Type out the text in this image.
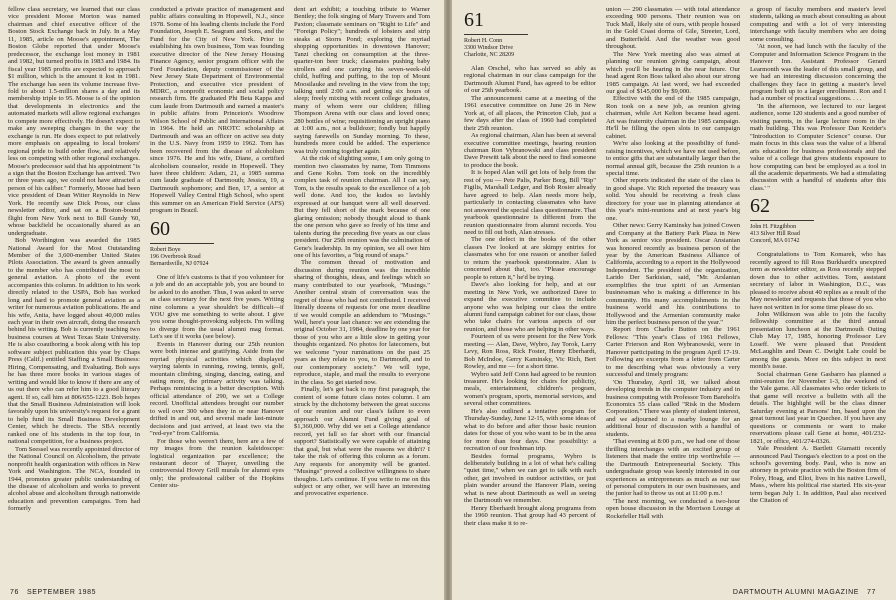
fellow class secretary, we learned that our class vice president Moose Morton was named chairman and chief executive officer of the Boston Stock Exchange back in July. In a May 11, 1985, article on Moose's appointment, The Boston Globe reported that under Moose's predecessor, the exchange lost money in 1981 and 1982, but turned profits in 1983 and 1984. Its fiscal year 1985 profits are expected to approach $1 million, which is the amount it lost in 1981. The exchange has seen its volume increase five-fold to about 1.5-million shares a day and its membership triple to 95. Moose is of the opinion that developments in electronics and the automated markets will allow regional exchanges to compete more effectively. He doesn't expect to make any sweeping changes in the way the exchange is run. He does expect to put relatively more emphasis on appealing to local brokers' regional pride to build order flow, and relatively less on competing with other regional exchanges. Moose's predecessor said that his appointment "is a sign that the Boston Exchange has arrived. Two or three years ago, we could not have attracted a person of his caliber." Formerly, Moose had been vice president of Dean Witter Reynolds in New York. He recently saw Dick Pross, our class newsletter editor, and sat on a Boston-bound flight from New York next to Bill Gundy '60, whose backfield he occasionally shared as an undergraduate.

Bob Worthington was awarded the 1985 National Award for the Most Outstanding Member of the 3,600-member United States Pilots Association. The award is given annually to the member who has contributed the most to general aviation. A photo of the event accompanies this column. In addition to his work directly related to the USPA, Bob has worked long and hard to promote general aviation as a writer for numerous aviation publications. He and his wife, Anita, have logged about 40,000 miles each year in their own aircraft, doing the research behind his writing. Bob is currently teaching two business courses at West Texas State University. He is also coauthoring a book along with his top software subject publication this year by Chaps Press (Calif.) entitled Staffing a Small Business: Hiring, Compensating, and Evaluating. Bob says he has three more books in various stages of writing and would like to know if there are any of us out there who can refer him to a good literary agent. If so, call him at 806/655-1223. Bob hopes that the Small Business Administration will look favorably upon his university's request for a grant to help fund its Small Business Development Center, which he directs. The SBA recently ranked one of his students in the top four, in national competition, for a business project.

Tom Seessel was recently appointed director of the National Council on Alcoholism, the private nonprofit health organization with offices in New York and Washington. The NCA, founded in 1944, promotes greater public understanding of the disease of alcoholism and works to prevent alcohol abuse and alcoholism through nationwide education and prevention campaigns. Tom had formerly

conducted a private practice of management and public affairs consulting in Hopewell, N.J., since 1978. Some of his leading clients include the Ford Foundation, Joseph E. Seagram and Sons, and the Fund for the City of New York. Prior to establishing his own business, Tom was founding executive director of the New Jersey Housing Finance Agency, senior program officer with the Ford Foundation, deputy commissioner of the New Jersey State Department of Environmental Protection, and executive vice president of MDRC, a nonprofit economic and social policy research firm. He graduated Phi Beta Kappa and cum laude from Dartmouth and earned a master's in public affairs from Princeton's Woodrow Wilson School of Public and International Affairs in 1964. He held an NROTC scholarship at Dartmouth and was an officer on active sea duty in the U.S. Navy from 1959 to 1962. Tom has been recovered from the disease of alcoholism since 1976. He and his wife, Diane, a certified alcoholism counselor, reside in Hopewell. They have three children: Adam, 21, a 1985 summa cum laude graduate of Dartmouth; Jessica, 19, a Dartmouth sophomore; and Ben, 17, a senior at Hopewell Valley Central High School, who spent this summer on an American Field Service (AFS) program in Brazil.

60
Robert Boye
196 Overbrook Road
Bernardsville, NJ 07924

One of life's customs is that if you volunteer for a job and do an acceptable job, you are bound to be asked to do another. Thus, I was asked to serve as class secretary for the next five years. Writing nine columns a year shouldn't be difficult—if YOU give me something to write about. I give you some thought-provoking subjects. I'm willing to diverge from the usual alumni mag format. Let's see if it works (see below).

Events in Hanover during our 25th reunion were both intense and gratifying. Aside from the myriad physical activities which displayed varying talents in running, rowing, tennis, golf, mountain climbing, singing, dancing, eating, and eating more, the primary activity was talking. Perhaps reminiscing is a better description. With official attendance of 290, we set a College record. Unofficial attendees brought our number to well over 300 when they in or near Hanover drifted in and out, and several made last-minute decisions and just arrived, at least two via the "red-eye" from California.

For those who weren't there, here are a few of my images from the reunion kaleidoscope: logistical organization par excellence; the restaurant decor of Thayer, unveiling the controversial Hovey Grill murals for alumni eyes only; the professional caliber of the Hopkins Center stu-

dent art exhibit; a touching tribute to Warner Bentley; the folk singing of Mary Travers and Tom Paxton; classmate seminars on "Right to Life" and "Foreign Policy"; hundreds of lobsters and strip steaks at Storrs Pond; exploring the myriad shopping opportunities in downtown Hanover; Tanzi checking on consumption at the three-quarter-ton beer truck; classmates pushing baby strollers and one carrying his seven-week-old child, huffing and puffing, to the top of Mount Moosilauke and reveling in the view from the top; talking until 2:00 a.m. and getting six hours of sleep; freely mixing with recent college graduates, many of whom were our children; filling Thompson Arena with our class and loved ones; 280 bottles of wine; requisitioning an upright piano at 1:00 a.m., not a bulldozer; fondly but happily saying farewells on Sunday morning. To these, hundreds more could be added. The experience was truly coming together again.

At the risk of slighting some, I am only going to mention two classmates by name, Tom Timmons and Gene Kohn. Tom took on the incredibly complex task of reunion chairman. All I can say, Tom, is the results speak to the excellence of a job well done. And too, the kudos so lavishly expressed at our banquet were all well deserved. But they fell short of the mark because of one glaring omission; nobody thought aloud to thank the one person who gave so freely of his time and talents during the preceding five years as our class president. Our 25th reunion was the culmination of Gene's leadership. In my opinion, we all owe him one of his favorites, a "big round of snaps."

The common thread of motivation and discussion during reunion was the incredible sharing of thoughts, ideas, and feelings which so many contributed to our yearbook, "Musings." Another central strain of conversation was the regret of those who had not contributed. I received literally dozens of requests for one more deadline if we would compile an addendum to "Musings." Well, here's your last chance: we are extending the original October 31, 1984, deadline by one year for those of you who are a little slow in getting your thoughts organized. No photos for latecomers, but we welcome "your ruminations on the past 25 years as they relate to you, to Dartmouth, and to our contemporary society." We will type, reproduce, staple, and mail the results to everyone in the class. So get started now.

Finally, let's get back to my first paragraph, the content of some future class notes column. I am struck by the dichotomy between the great success of our reunion and our class's failure to even approach our Alumni Fund giving goal of $1,360,000. Why did we set a College attendance record, yet fall so far short with our financial support? Statistically we were capable of attaining that goal, but what were the reasons we didn't? I take the risk of offering this column as a forum. Any requests for anonymity will be granted. "Musings" proved a collective willingness to share thoughts. Let's continue. If you write to me on this subject or any other, we will have an interesting and provocative experience.

76 SEPTEMBER 1985
61
Robert H. Conn
3300 Windsor Drive
Charlotte, NC 28209

Alan Orschel, who has served so ably as regional chairman in our class campaign for the Dartmouth Alumni Fund, has agreed to be editor of our 25th yearbook.

The announcement came at a meeting of the 1961 executive committee on June 26 in New York at, of all places, the Princeton Club, just a few days after the class of 1960 had completed their 25th reunion.

As regional chairman, Alan has been at several executive committee meetings, hearing reunion chairman Ron Vybranowski and class president Dave Prewitt talk about the need to find someone to produce the book.

It is hoped Alan will get lots of help from the rest of you — Pete Palis, Parker Borg, Bill "Rip" Figilis, Marshall Ledger, and Bob Rosier already have agreed to help. Alan needs more help, particularly in contacting classmates who have not answered the special class questionnaire. That yearbook questionnaire is different from the reunion questionnaire from alumni records. You need to fill out both, Alan stresses.

The one defect in the books of the other classes I've looked at are skimpy entries for classmates who for one reason or another failed to return the yearbook questionnaire. Alan is concerned about that, too. "Please encourage people to return it," he'd be trying.

Dave's also looking for help, and at our meeting in New York, we authorized Dave to expand the executive committee to include anyone who was helping our class the entire alumni fund campaign cabinet for our class, those who take chairs for various aspects of our reunion, and those who are helping in other ways.

Fourteen of us were present for the New York meeting — Alan, Dave, Wybro, Jay Torok, Larry Levy, Ron Ross, Rick Foster, Henry Eberhardt, Bob McIndoe, Gerry Kaminsky, Vic Rich, Bert Rowley, and me — for a short time.

Wybro said Jeff Conn had agreed to be reunion treasurer. He's looking for chairs for publicity, meals, entertainment, children's program, women's program, sports, memorial services, and several other committees.

He's also outlined a tentative program for Thursday-Sunday, June 12-15, with some ideas of what to do before and after those basic reunion dates for those of you who want to be in the area for more than four days. One possibility: a recreation of our freshman trip.

Besides formal programs, Wybro is deliberately building in a lot of what he's calling "quiet time," when we can get to talk with each other, get involved in outdoor activities, or just plain wander around the Hanover Plain, seeing what is new about Dartmouth as well as seeing the Dartmouth we remember.

Henry Eberhardt brought along programs from the 1960 reunion. That group had 43 percent of their class make it to re-

union — 290 classmates — with total attendance exceeding 900 persons. Their reunion was on Tuck Mall, likely site of ours, with people housed in the Gold Coast dorms of Gile, Streeter, Lord, and Butterfield. And the weather was good throughout.

The New York meeting also was aimed at planning our reunion giving campaign, about which you'll be hearing in the near future. Our head agent Ron Boss talked also about our strong 1985 campaign. At last word, we had exceeded our goal of $145,000 by $9,000.

Effective with the end of the 1985 campaign, Ron took on a new job, as reunion giving chairman, while Art Kelton became head agent. Art was fraternity chairman in the 1985 campaign. He'll be filling the open slots in our campaign cabinet.

We're also looking at the possibility of fund-raising incentives, which we have not used before, to entice gifts that are substantially larger than the normal annual gift, because the 25th reunion is a special time.

Other reports indicated the state of the class is in good shape. Vic Rich reported the treasury was solid. You should be receiving a fresh class directory for your use in planning attendance at this year's mini-reunions and at next year's big one.

Other news: Gerry Kaminsky has joined Cowen and Company at the Battery Park Plaza in New York as senior vice president. Oscar Ansianian was honored recently as business person of the year by the American Business Alliance of California, according to a report in the Hollywood Independent. The president of the organization, Larido Der Sarkisian, said, "Mr. Arslanian exemplifies the true spirit of an Armenian businessman who is making a difference in his community. His many accomplishments in the business world and his contributions to Hollywood and the Armenian community make him the perfect business person of the year."

Report from Charlie Button on the 1961 Fellows: "This year's Class of 1961 Fellows, Carter Frierson and Ron Wybranowski, were in Hanover participating in the program April 17-19. Following are excerpts from a letter from Carter to me describing what was obviously a very successful and timely program:

'On Thursday, April 18, we talked about developing trends in the computer industry and in business computing with Professor Tom Bareholt's Economics 55 class called "Risk in the Modern Corporation." There was plenty of student interest, and we adjourned to a nearby lounge for an additional hour of discussion with a handful of students.

'That evening at 8:00 p.m., we had one of those thrilling interchanges with an excited group of listeners that made the entire trip worthwhile — the Dartmouth Entrepreneurial Society. This undergraduate group was keenly interested in our experiences as entrepreneurs as much as our use of personal computers in our own businesses, and the junior had to throw us out at 11:00 p.m.!

'The next morning, we conducted a two-hour open house discussion in the Morrison Lounge at Rockefeller Hall with

a group of faculty members and master's level students, talking as much about consulting as about computing and with a lot of very interesting interchange with faculty members who are doing some consulting.

'At noon, we had lunch with the faculty of the Computer and Information Science Program in the Hanover Inn. Assistant Professor Gerard Learmonth was the leader of this small group, and we had an interesting discussion concerning the challenges they face in getting a master's level program built up to a larger enrollment. Ron and I had a number of practical suggestions. . . .

'In the afternoon, we lectured to our largest audience, some 120 students and a good number of visiting parents, in the large lecture room in the math building. This was Professor Dan Kreider's "Introduction to Computer Science" course. Our main focus in this class was the value of a liberal arts education for business professionals and the value of a college that gives students exposure to how computing can best be employed as a tool in all the academic departments. We had a stimulating discussion with a handful of students after this class.' "

62
John H. Fitzgibbon
413 Silver Hill Road
Concord, MA 01742

Congratulations to Tom Komarek, who has recently agreed to fill Ross Burkhardt's unexpired term as newsletter editor, as Ross recently stepped down due to other activities. Tom, assistant secretary of labor in Washington, D.C., was pleased to receive about 40 replies as a result of the May newsletter and requests that those of you who have not written in for some time please do so.

John Wilkinson was able to join the faculty fellowship committee at the third annual presentation luncheon at the Dartmouth Outing Club May 17, 1985, honoring Professor Lev Loseff. We were pleased that President McLaughlin and Dean C. Dwight Lahr could be among the guests. More on this subject in next month's issue.

Social chairman Gene Gasbarro has planned a mini-reunion for November 1-3, the weekend of the Yale game. All classmates who order tickets to that game will receive a bulletin with all the details. The highlight will be the class dinner Saturday evening at Parsons' Inn, based upon the great turnout last year in Quechee. If you have any questions or comments or want to make reservations please call Gene at home, 401/232-1821, or office, 401/274-0326.

Yale President A. Bartlett Giamatti recently announced Paul Tsongas's election to a post on the school's governing body. Paul, who is now an attorney in private practice with the Boston firm of Foley, Hoag, and Eliot, lives in his native Lowell, Mass., where his political rise started. His six-year term began July 1. In addition, Paul also received the Citation of

DARTMOUTH ALUMNI MAGAZINE 77
